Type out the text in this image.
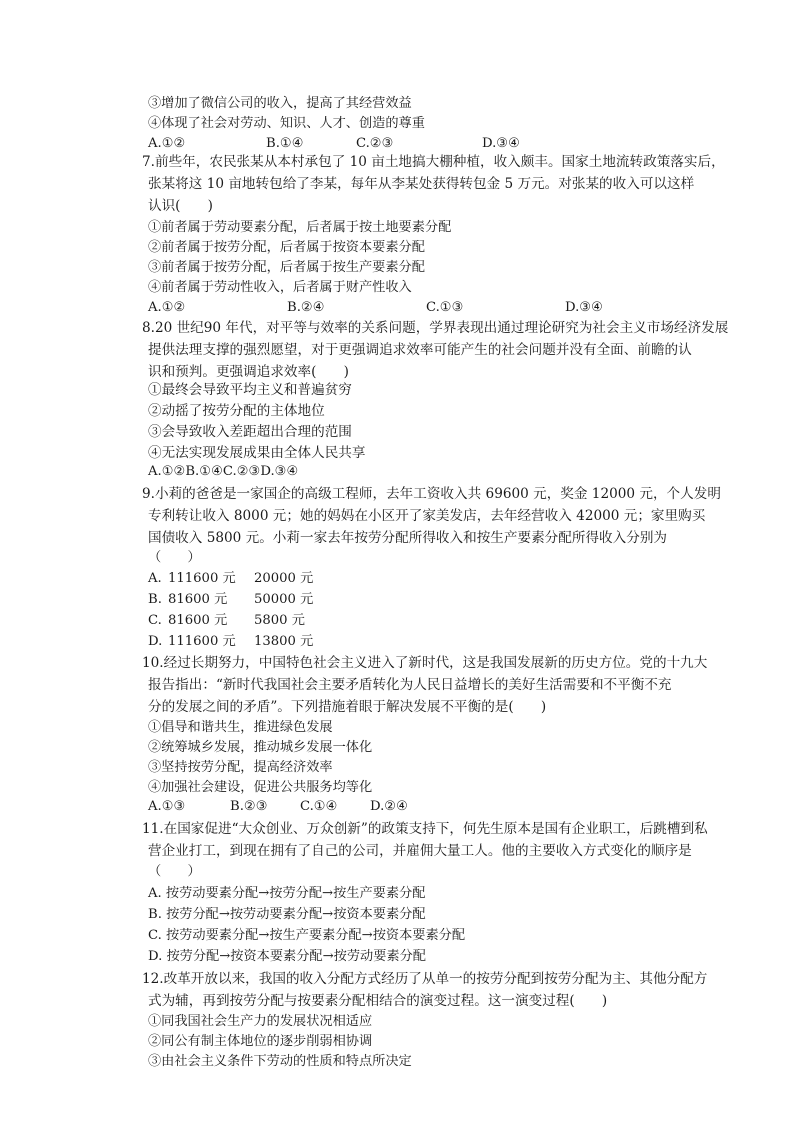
③增加了微信公司的收入，提高了其经营效益
④体现了社会对劳动、知识、人才、创造的尊重
A.①②	B.①④	C.②③	D.③④
7.前些年，农民张某从本村承包了 10 亩土地搞大棚种植，收入颇丰。国家土地流转政策落实后，
张某将这 10 亩地转包给了李某，每年从李某处获得转包金 5 万元。对张某的收入可以这样
认识(　　)
①前者属于劳动要素分配，后者属于按土地要素分配
②前者属于按劳分配，后者属于按资本要素分配
③前者属于按劳分配，后者属于按生产要素分配
④前者属于劳动性收入，后者属于财产性收入
A.①②	B.②④	C.①③	D.③④
8.20 世纪90 年代，对平等与效率的关系问题，学界表现出通过理论研究为社会主义市场经济发展
提供法理支撑的强烈愿望，对于更强调追求效率可能产生的社会问题并没有全面、前瞻的认
识和预判。更强调追求效率(　　)
①最终会导致平均主义和普遍贫穷
②动摇了按劳分配的主体地位
③会导致收入差距超出合理的范围
④无法实现发展成果由全体人民共享
A.①②B.①④C.②③D.③④
9.小莉的爸爸是一家国企的高级工程师，去年工资收入共 69600 元，奖金 12000 元，个人发明
专利转让收入 8000 元；她的妈妈在小区开了家美发店，去年经营收入 42000 元；家里购买
国债收入 5800 元。小莉一家去年按劳分配所得收入和按生产要素分配所得收入分别为
（　　）
A. 111600 元 20000 元
B. 81600 元 50000 元
C. 81600 元 5800 元
D. 111600 元 13800 元
10.经过长期努力，中国特色社会主义进入了新时代，这是我国发展新的历史方位。党的十九大
报告指出：“新时代我国社会主要矛盾转化为人民日益增长的美好生活需要和不平衡不充
分的发展之间的矛盾”。下列措施着眼于解决发展不平衡的是(　　)
①倡导和谐共生，推进绿色发展
②统筹城乡发展，推动城乡发展一体化
③坚持按劳分配，提高经济效率
④加强社会建设，促进公共服务均等化
A.①③	B.②③ C.①④ D.②④
11.在国家促进“大众创业、万众创新”的政策支持下，何先生原本是国有企业职工，后跳槽到私
营企业打工，到现在拥有了自己的公司，并雇佣大量工人。他的主要收入方式变化的顺序是
（　　）
A. 按劳动要素分配→按劳分配→按生产要素分配
B. 按劳分配→按劳动要素分配→按资本要素分配
C. 按劳动要素分配→按生产要素分配→按资本要素分配
D. 按劳分配→按资本要素分配→按劳动要素分配
12.改革开放以来，我国的收入分配方式经历了从单一的按劳分配到按劳分配为主、其他分配方
式为辅，再到按劳分配与按要素分配相结合的演变过程。这一演变过程(　　)
①同我国社会生产力的发展状况相适应
②同公有制主体地位的逐步削弱相协调
③由社会主义条件下劳动的性质和特点所决定
